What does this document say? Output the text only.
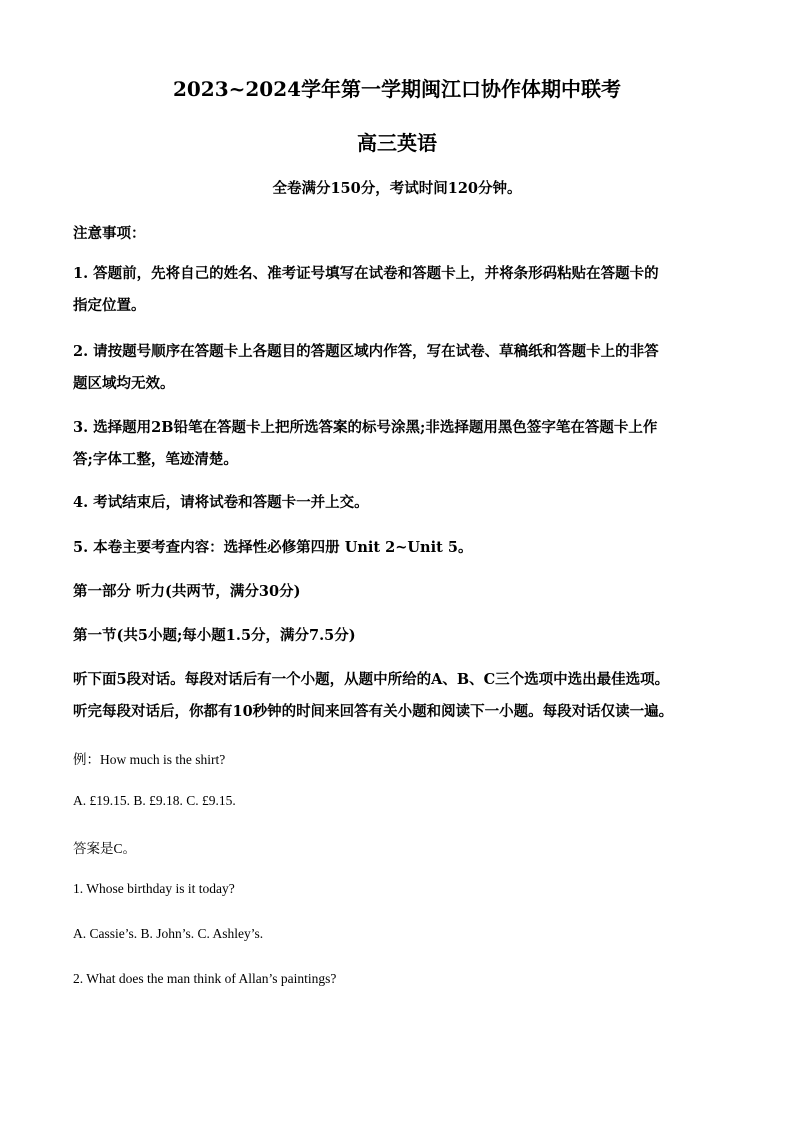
2023~2024学年第一学期闽江口协作体期中联考
高三英语
全卷满分150分，考试时间120分钟。
注意事项：
1. 答题前，先将自己的姓名、准考证号填写在试卷和答题卡上，并将条形码粘贴在答题卡的
指定位置。
2. 请按题号顺序在答题卡上各题目的答题区域内作答，写在试卷、草稿纸和答题卡上的非答
题区域均无效。
3. 选择题用2B铅笔在答题卡上把所选答案的标号涂黑;非选择题用黑色签字笔在答题卡上作
答;字体工整，笔迹清楚。
4. 考试结束后，请将试卷和答题卡一并上交。
5. 本卷主要考查内容：选择性必修第四册 Unit 2~Unit 5。
第一部分 听力(共两节，满分30分)
第一节(共5小题;每小题1.5分，满分7.5分)
听下面5段对话。每段对话后有一个小题，从题中所给的A、B、C三个选项中选出最佳选项。
听完每段对话后，你都有10秒钟的时间来回答有关小题和阅读下一小题。每段对话仅读一遍。
例：How much is the shirt?
A. £19.15. B. £9.18. C. £9.15.
答案是C。
1. Whose birthday is it today?
A. Cassie’s. B. John’s. C. Ashley’s.
2. What does the man think of Allan’s paintings?
